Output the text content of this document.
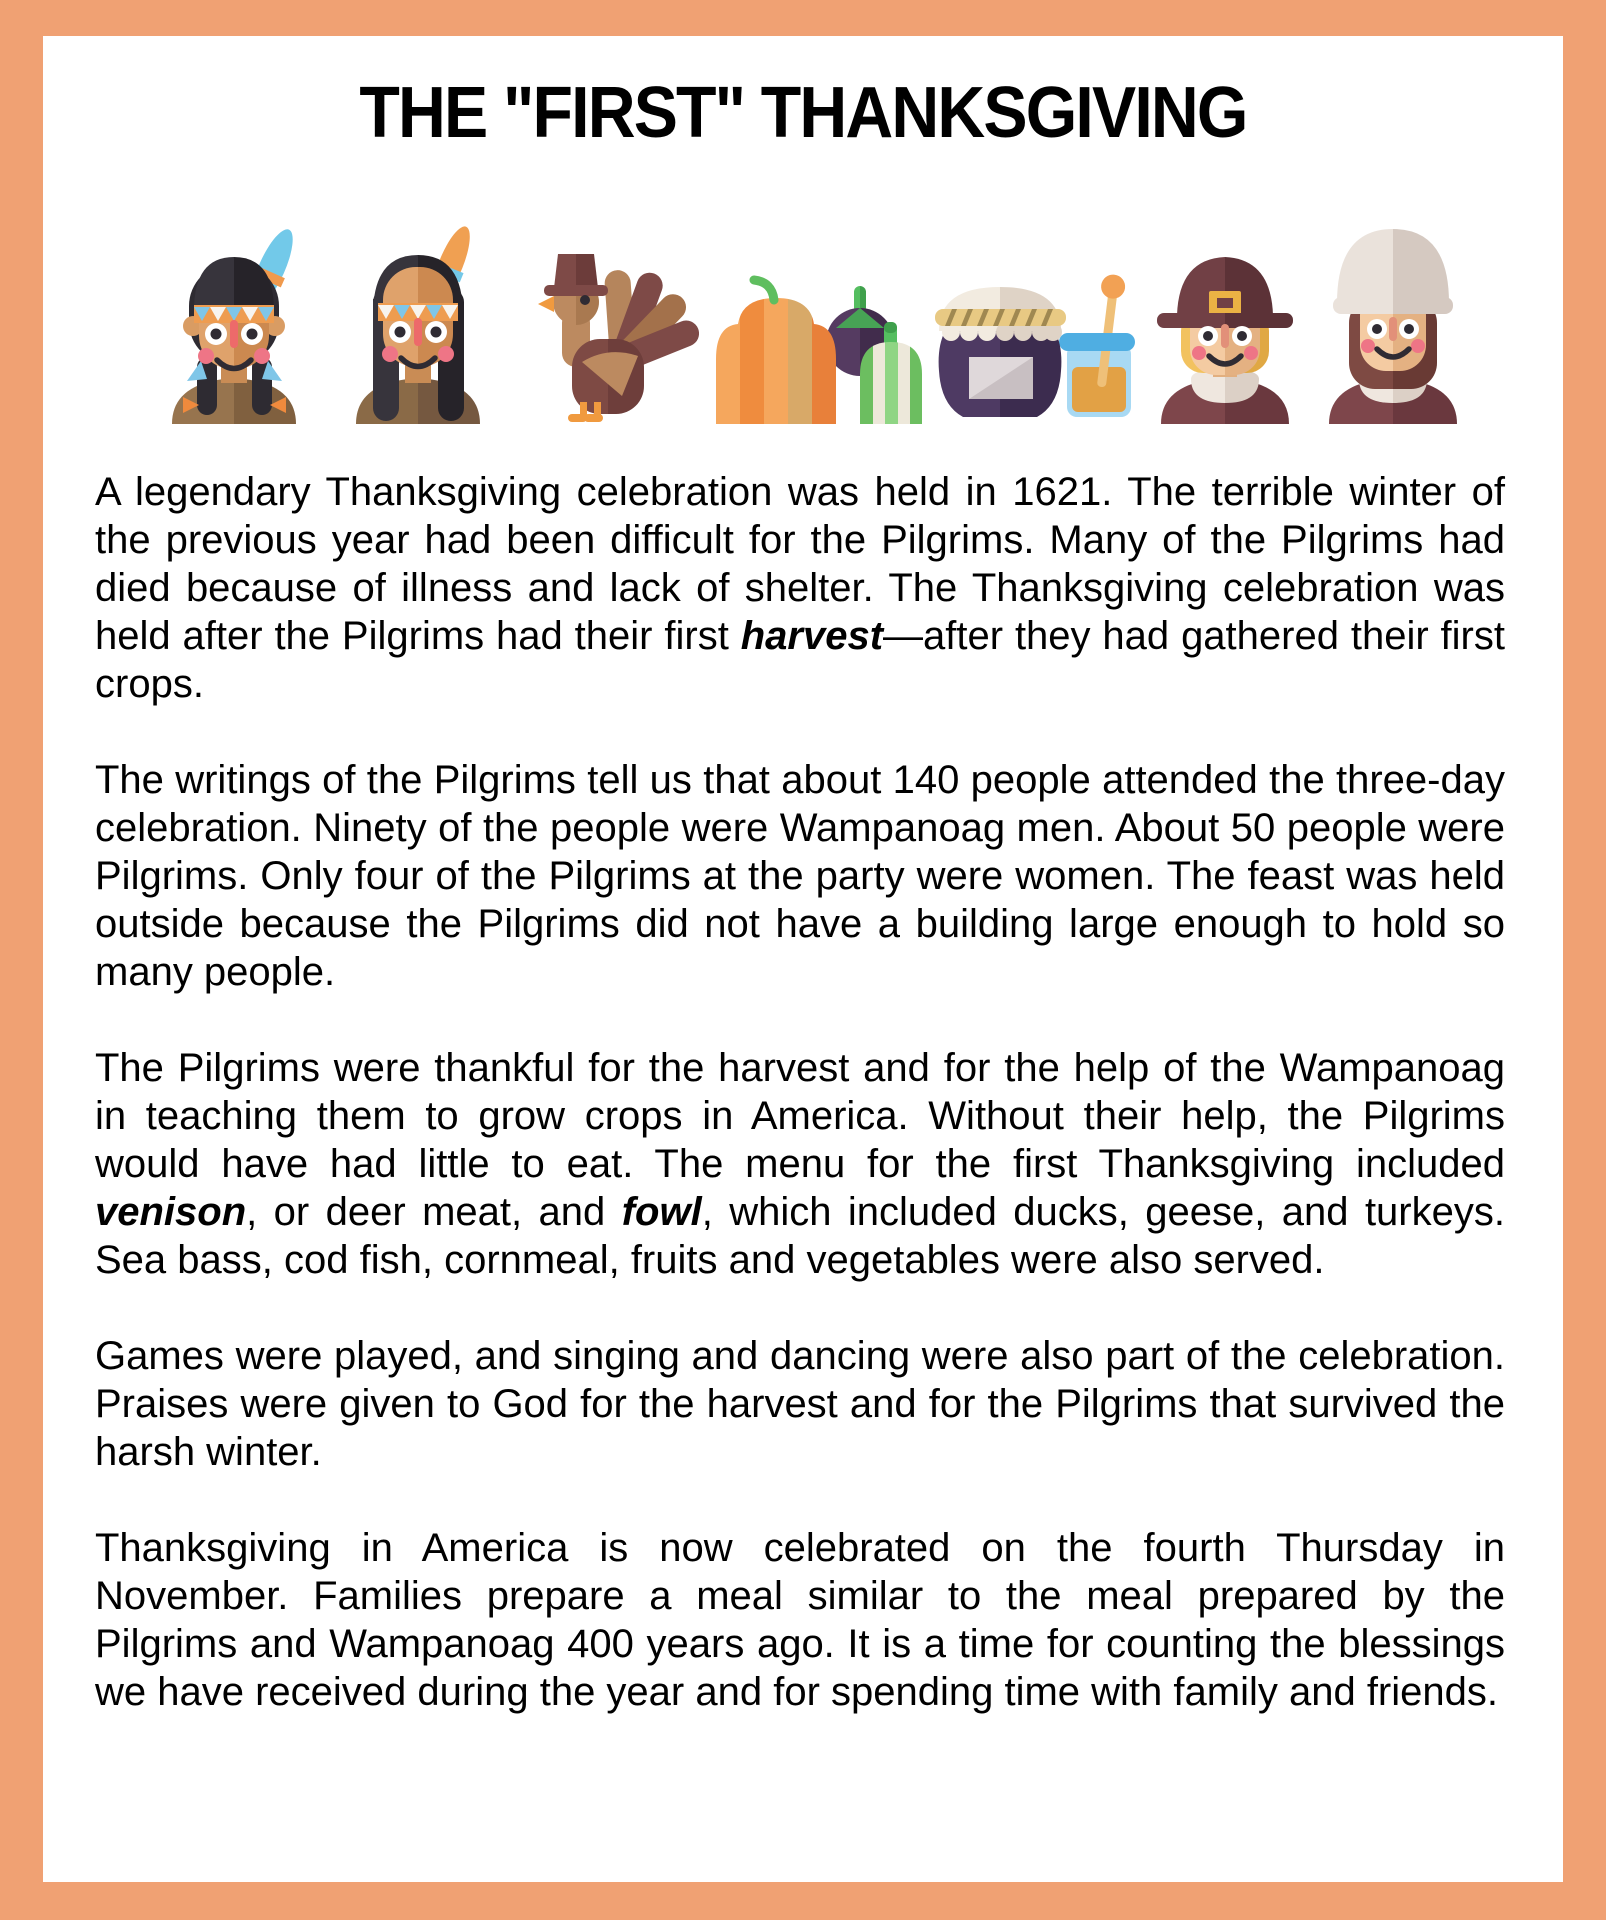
THE "FIRST" THANKSGIVING

A legendary Thanksgiving celebration was held in 1621. The terrible winter of the previous year had been difficult for the Pilgrims. Many of the Pilgrims had died because of illness and lack of shelter. The Thanksgiving celebration was held after the Pilgrims had their first harvest—after they had gathered their first crops.

The writings of the Pilgrims tell us that about 140 people attended the three-day celebration. Ninety of the people were Wampanoag men. About 50 people were Pilgrims. Only four of the Pilgrims at the party were women. The feast was held outside because the Pilgrims did not have a building large enough to hold so many people.

The Pilgrims were thankful for the harvest and for the help of the Wampanoag in teaching them to grow crops in America. Without their help, the Pilgrims would have had little to eat. The menu for the first Thanksgiving included venison, or deer meat, and fowl, which included ducks, geese, and turkeys. Sea bass, cod fish, cornmeal, fruits and vegetables were also served.

Games were played, and singing and dancing were also part of the celebration. Praises were given to God for the harvest and for the Pilgrims that survived the harsh winter.

Thanksgiving in America is now celebrated on the fourth Thursday in November. Families prepare a meal similar to the meal prepared by the Pilgrims and Wampanoag 400 years ago. It is a time for counting the blessings we have received during the year and for spending time with family and friends.
